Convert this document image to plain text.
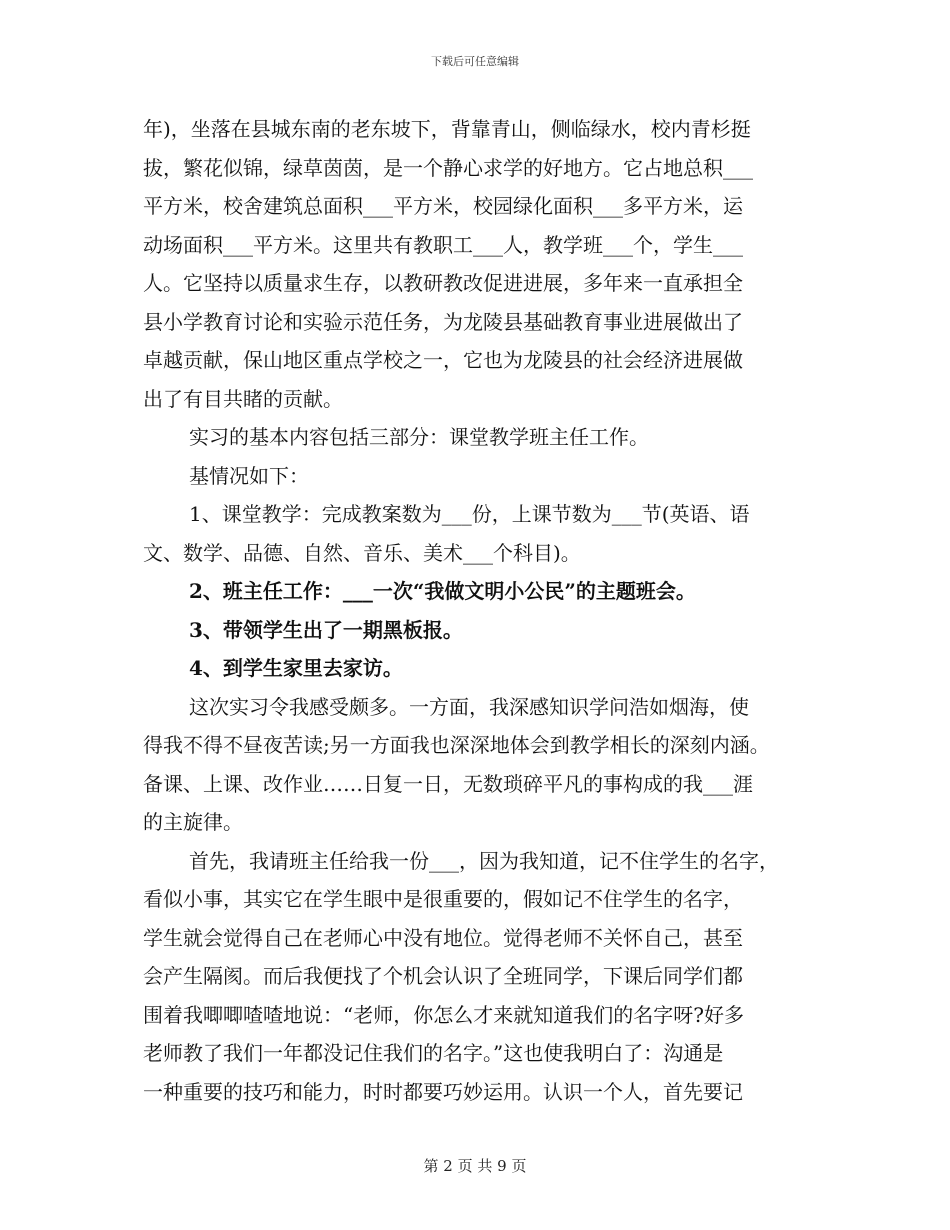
下载后可任意编辑
年)，坐落在县城东南的老东坡下，背靠青山，侧临绿水，校内青杉挺
拔，繁花似锦，绿草茵茵，是一个静心求学的好地方。它占地总积___
平方米，校舍建筑总面积___平方米，校园绿化面积___多平方米，运
动场面积___平方米。这里共有教职工___人，教学班___个，学生___
人。它坚持以质量求生存，以教研教改促进进展，多年来一直承担全
县小学教育讨论和实验示范任务，为龙陵县基础教育事业进展做出了
卓越贡献，保山地区重点学校之一，它也为龙陵县的社会经济进展做
出了有目共睹的贡献。
实习的基本内容包括三部分：课堂教学班主任工作。
基情况如下：
1、课堂教学：完成教案数为___份，上课节数为___节(英语、语
文、数学、品德、自然、音乐、美术___个科目)。
2、班主任工作：___一次“我做文明小公民”的主题班会。
3、带领学生出了一期黑板报。
4、到学生家里去家访。
这次实习令我感受颇多。一方面，我深感知识学问浩如烟海，使
得我不得不昼夜苦读;另一方面我也深深地体会到教学相长的深刻内涵。
备课、上课、改作业……日复一日，无数琐碎平凡的事构成的我___涯
的主旋律。
首先，我请班主任给我一份___，因为我知道，记不住学生的名字，
看似小事，其实它在学生眼中是很重要的，假如记不住学生的名字，
学生就会觉得自己在老师心中没有地位。觉得老师不关怀自己，甚至
会产生隔阂。而后我便找了个机会认识了全班同学，下课后同学们都
围着我唧唧喳喳地说：“老师，你怎么才来就知道我们的名字呀?好多
老师教了我们一年都没记住我们的名字。”这也使我明白了：沟通是
一种重要的技巧和能力，时时都要巧妙运用。认识一个人，首先要记
第 2 页 共 9 页
